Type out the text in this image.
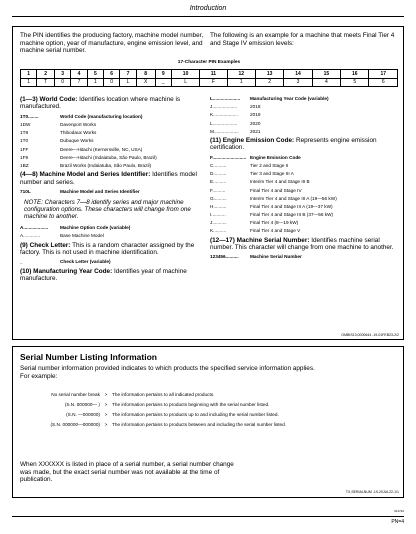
Introduction
The PIN identifies the producing factory, machine model number, machine option, year of manufacture, engine emission level, and machine serial number.
The following is an example for a machine that meets Final Tier 4 and Stage IV emission levels:
17-Character PIN Examples
1	2	3	4	5	6	7	8	9	10	11	12	13	14	15	16	17
1	T	0	7	1	0	L	X	_	L	F	1	2	3	4	5	6
(1—3) World Code: Identifies location where machine is manufactured.
1T0........	World Code (manufacturing location)
1DW	Davenport Works
1T8	Thibodaux Works
1T0	Dubuque Works
1FF	Deere—Hitachi (Kernersville, NC, USA)
1F9	Deere—Hitachi (Indaiatuba, São Paulo, Brazil)
1BZ	Brazil Works (Indaiatuba, São Paulo, Brazil)
(4—8) Machine Model and Series Identifier: Identifies model number and series.
710L	Machine Model and Series Identifier
NOTE: Characters 7—8 identify series and major machine configuration options. These characters will change from one machine to another.
A...................	Machine Option Code (variable)
A.............	Base Machine Model
(9) Check Letter: This is a random character assigned by the factory. This is not used in machine identification.
_	Check Letter (variable)
(10) Manufacturing Year Code: Identifies year of machine manufacture.
L.....................	Manufacturing Year Code (variable)
J...................	2018
K...................	2019
L...................	2020
M...................	2021
(11) Engine Emission Code: Represents engine emission certification.
F.......................... Engine Emission Code
C..........	Tier 2 and Stage II
D..........	Tier 3 and Stage III A
E..........	Interim Tier 4 and Stage III B
F..........	Final Tier 4 and Stage IV
G..........	Interim Tier 4 and Stage III A (19—56 kW)
H..........	Final Tier 4 and Stage III A (19—37 kW)
I...........	Final Tier 4 and Stage III B (37—56 kW)
J...........	Final Tier 4 (8—19 kW)
K..........	Final Tier 4 and Stage V
(12—17) Machine Serial Number: Identifies machine serial number. This character will change from one machine to another.
123456..........	Machine Serial Number
OMBIS13,0000644 -19-01FEB23-2/2
Serial Number Listing Information
Serial number information provided indicates to which products the specified service information applies. For example:
No serial number break > The information pertains to all indicated products.
(S.N. 000000— ) > The information pertains to products beginning with the serial number listed.
(S.N. —000000) > The information pertains to products up to and including the serial number listed.
(S.N. 000000—000000) > The information pertains to products between and including the serial number listed.
When XXXXXX is listed in place of a serial number, a serial number change was made, but the exact serial number was not available at the time of publication.
TX,SERIALNUM -19-20JUL22-1/1
011722
PN=4
